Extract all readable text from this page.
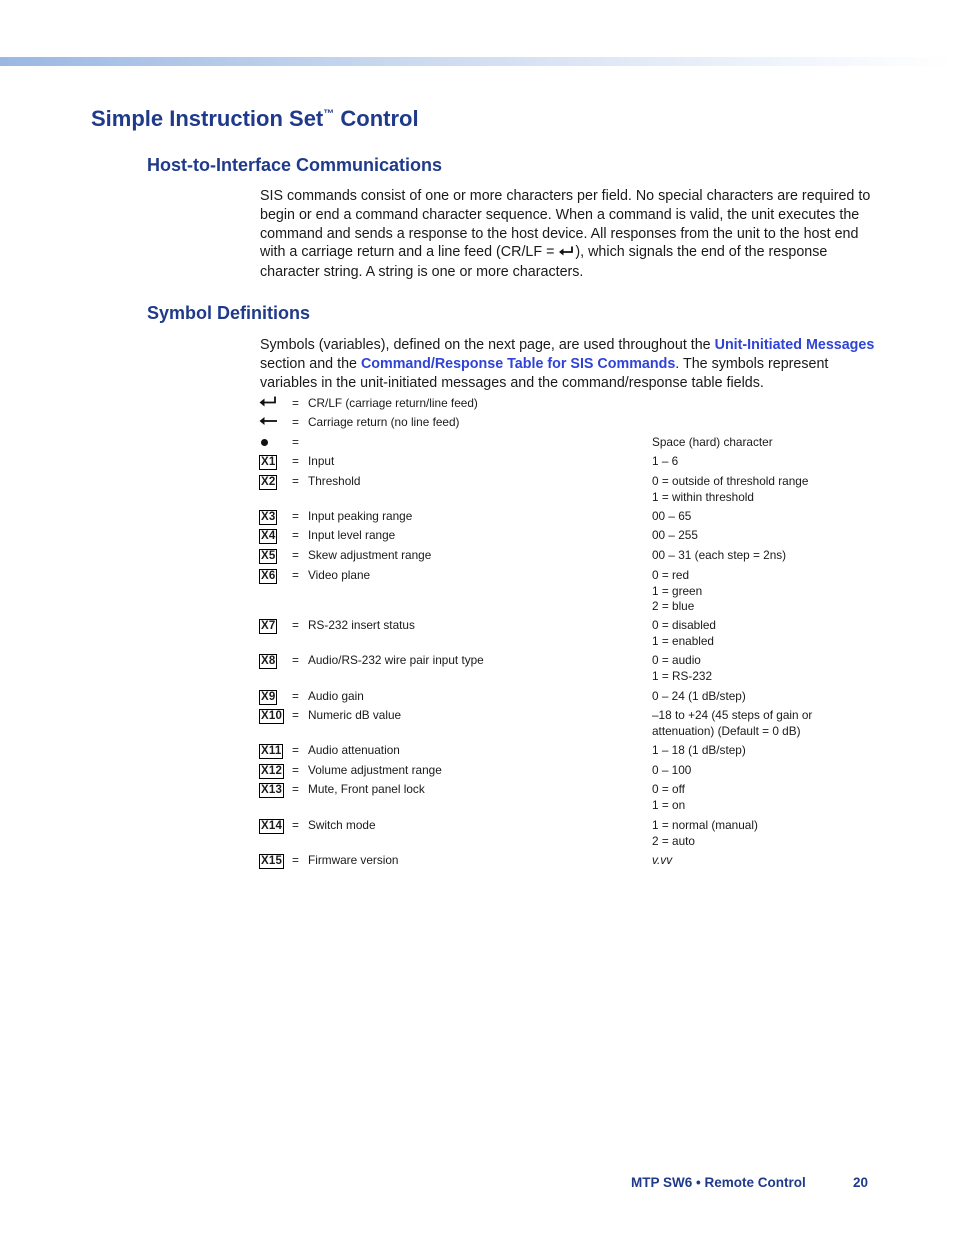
Simple Instruction Set™ Control
Host-to-Interface Communications
SIS commands consist of one or more characters per field. No special characters are required to begin or end a command character sequence. When a command is valid, the unit executes the command and sends a response to the host device. All responses from the unit to the host end with a carriage return and a line feed (CR/LF = ), which signals the end of the response character string. A string is one or more characters.
Symbol Definitions
Symbols (variables), defined on the next page, are used throughout the Unit-Initiated Messages section and the Command/Response Table for SIS Commands. The symbols represent variables in the unit-initiated messages and the command/response table fields.
= CR/LF (carriage return/line feed)
= Carriage return (no line feed)
=	Space (hard) character
X1 = Input	1 – 6
X2 = Threshold	0 = outside of threshold range
1 = within threshold
X3 = Input peaking range	00 – 65
X4 = Input level range	00 – 255
X5 = Skew adjustment range	00 – 31 (each step = 2ns)
X6 = Video plane	0 = red
1 = green
2 = blue
X7 = RS-232 insert status	0 = disabled
1 = enabled
X8 = Audio/RS-232 wire pair input type	0 = audio
1 = RS-232
X9 = Audio gain	0 – 24 (1 dB/step)
X10 = Numeric dB value	–18 to +24 (45 steps of gain or
attenuation) (Default = 0 dB)
X11 = Audio attenuation	1 – 18 (1 dB/step)
X12 = Volume adjustment range	0 – 100
X13 = Mute, Front panel lock	0 = off
1 = on
X14 = Switch mode	1 = normal (manual)
2 = auto
X15 = Firmware version	v.vv
MTP SW6 • Remote Control	20
